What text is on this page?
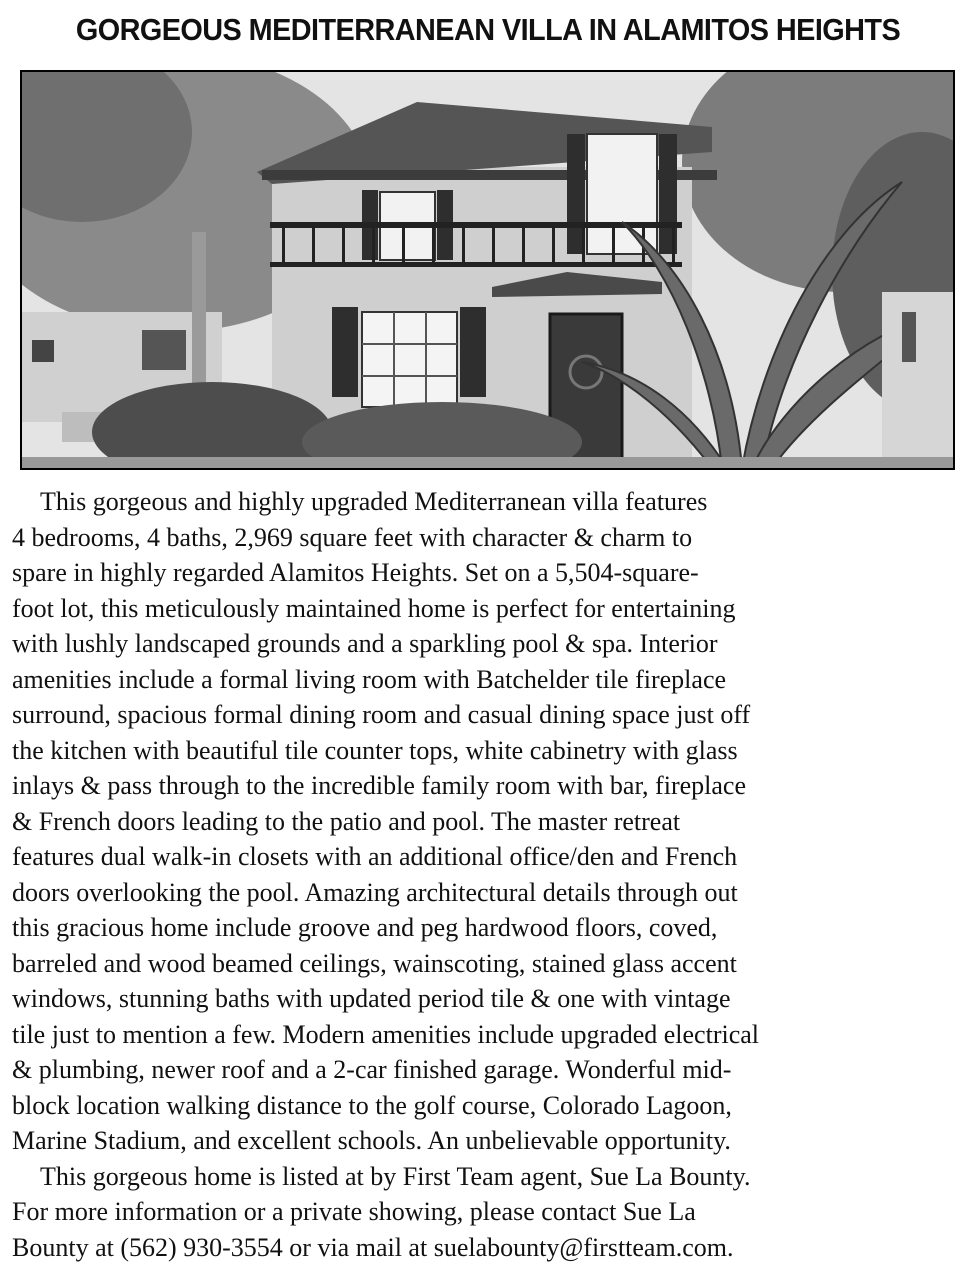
GORGEOUS MEDITERRANEAN VILLA IN ALAMITOS HEIGHTS
This gorgeous and highly upgraded Mediterranean villa features
4 bedrooms, 4 baths, 2,969 square feet with character & charm to
spare in highly regarded Alamitos Heights. Set on a 5,504-square-
foot lot, this meticulously maintained home is perfect for entertaining
with lushly landscaped grounds and a sparkling pool & spa. Interior
amenities include a formal living room with Batchelder tile fireplace
surround, spacious formal dining room and casual dining space just off
the kitchen with beautiful tile counter tops, white cabinetry with glass
inlays & pass through to the incredible family room with bar, fireplace
& French doors leading to the patio and pool. The master retreat
features dual walk-in closets with an additional office/den and French
doors overlooking the pool. Amazing architectural details through out
this gracious home include groove and peg hardwood floors, coved,
barreled and wood beamed ceilings, wainscoting, stained glass accent
windows, stunning baths with updated period tile & one with vintage
tile just to mention a few. Modern amenities include upgraded electrical
& plumbing, newer roof and a 2-car finished garage. Wonderful mid-
block location walking distance to the golf course, Colorado Lagoon,
Marine Stadium, and excellent schools. An unbelievable opportunity.
This gorgeous home is listed at by First Team agent, Sue La Bounty.
For more information or a private showing, please contact Sue La
Bounty at (562) 930-3554 or via mail at suelabounty@firstteam.com.
